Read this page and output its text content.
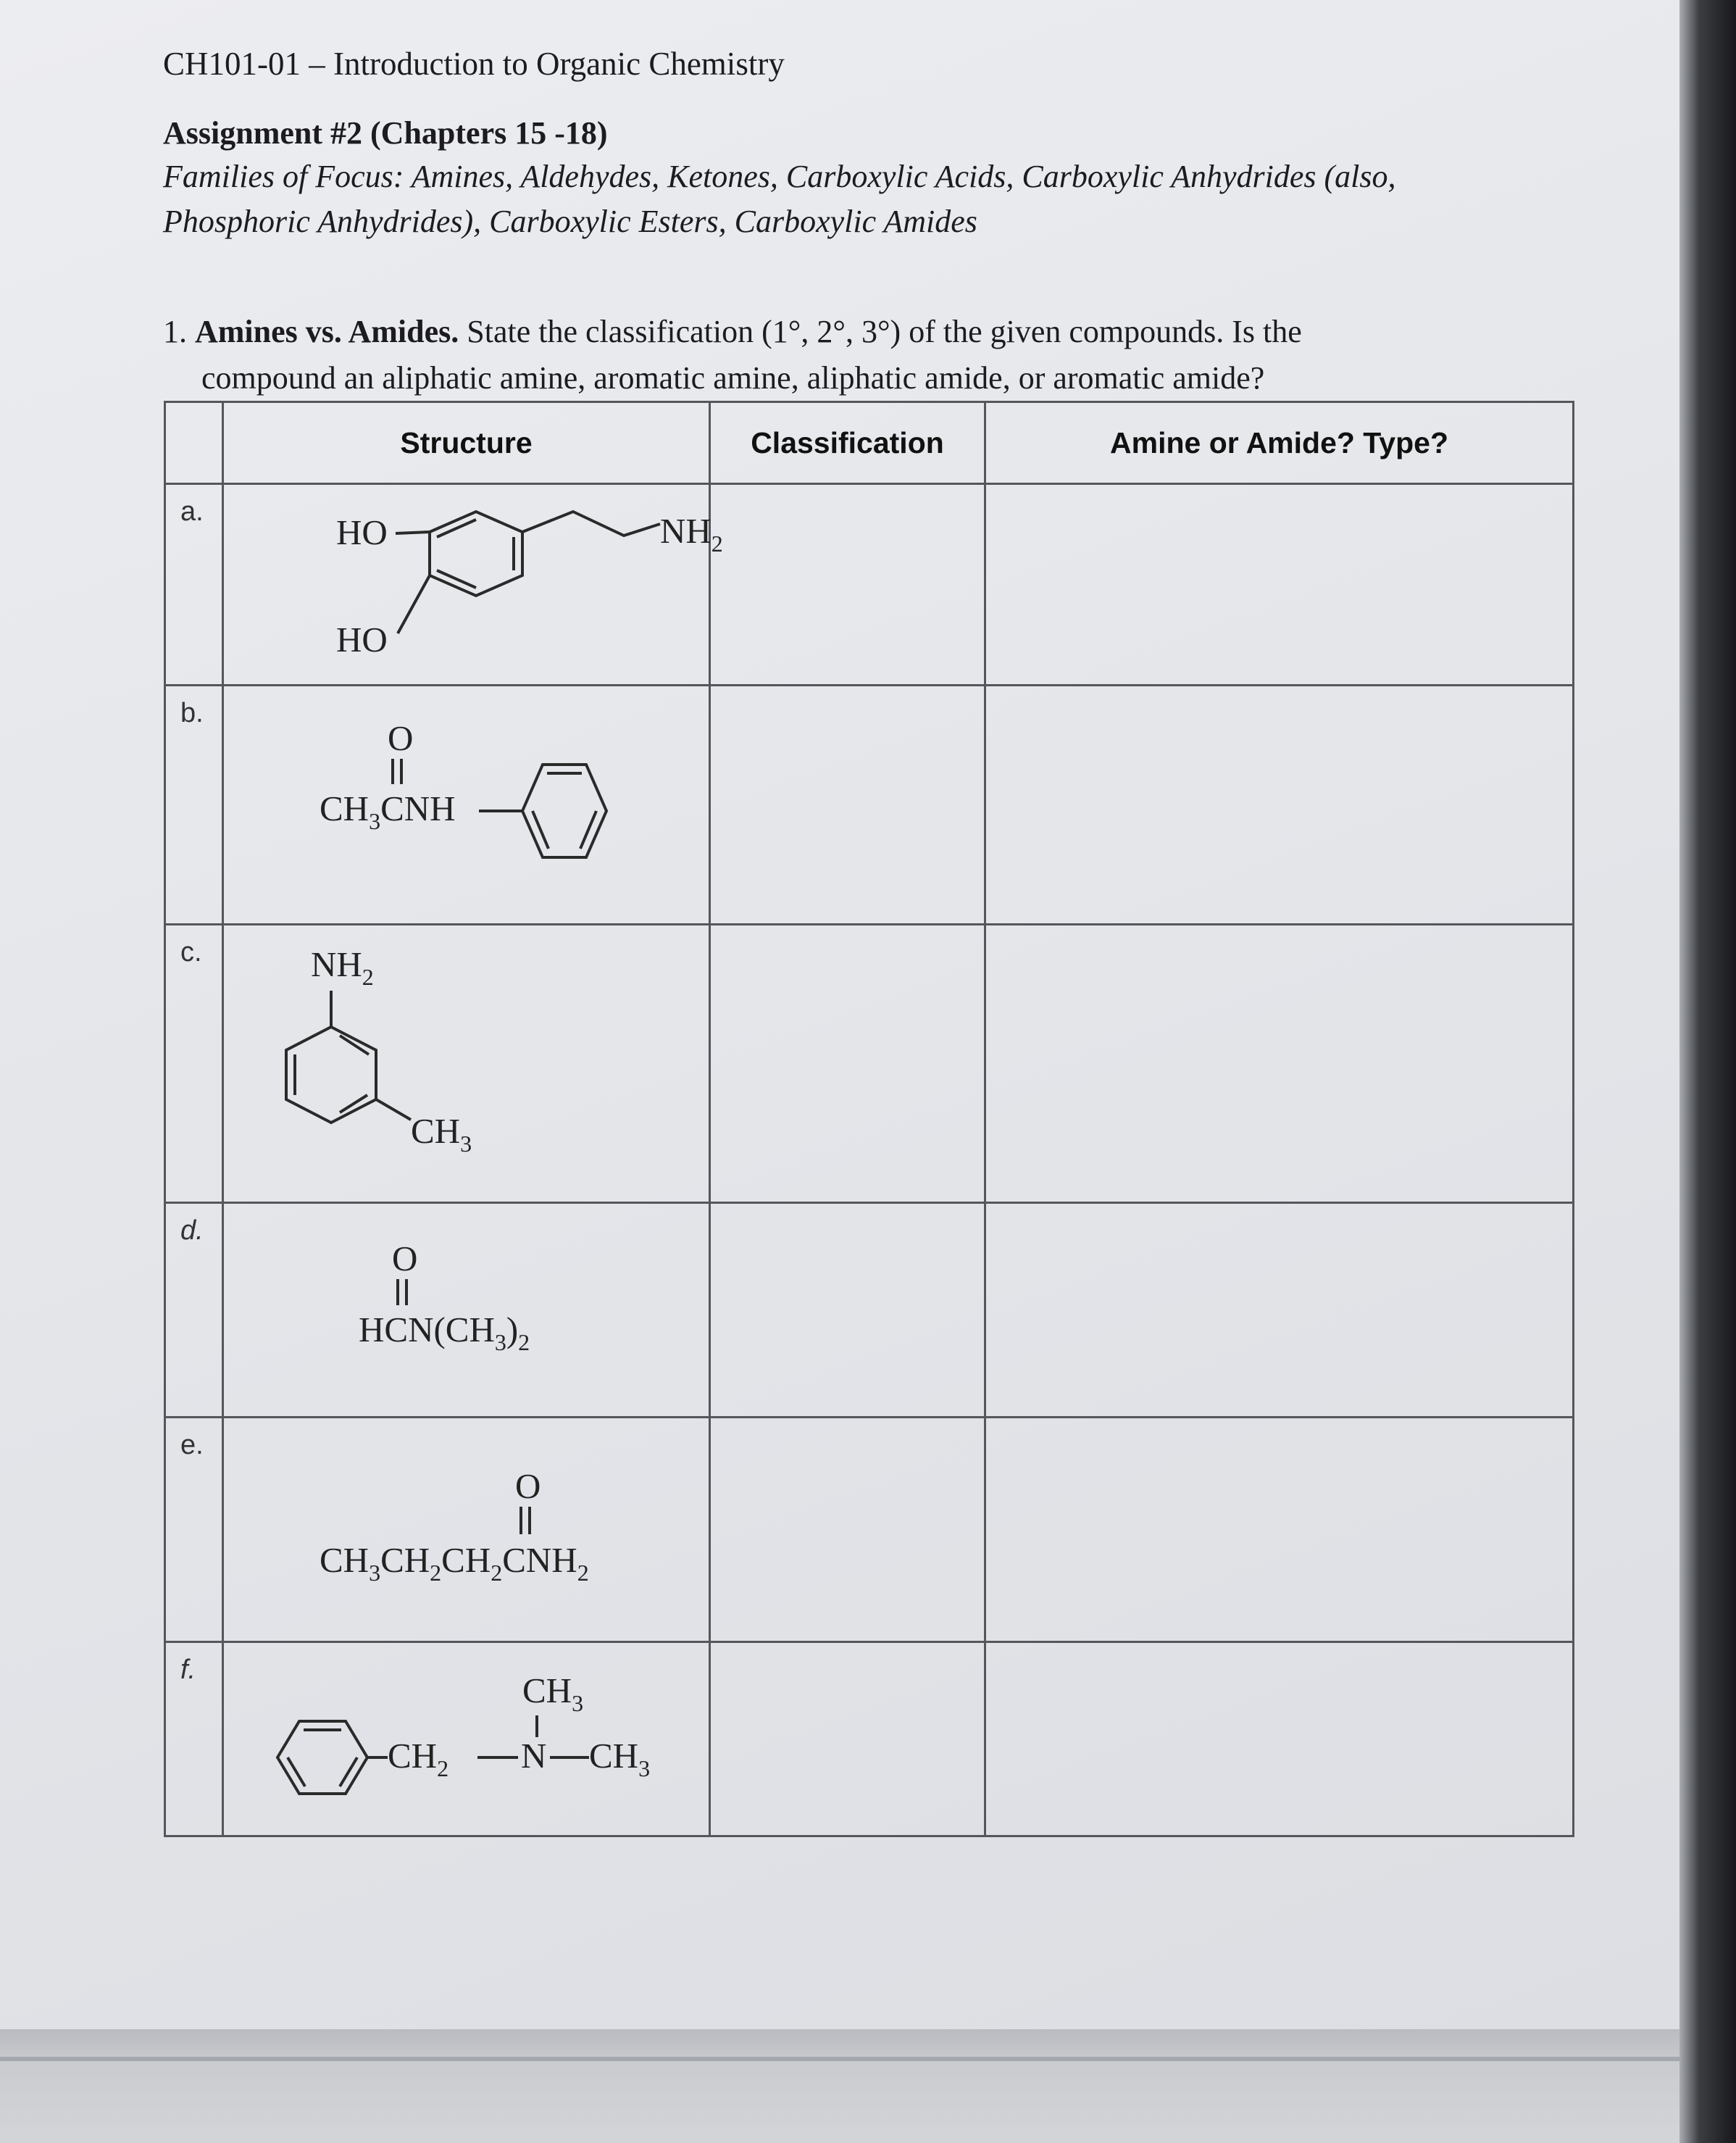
CH101-01 – Introduction to Organic Chemistry
Assignment #2 (Chapters 15 -18)
Families of Focus: Amines, Aldehydes, Ketones, Carboxylic Acids, Carboxylic Anhydrides (also,
Phosphoric Anhydrides), Carboxylic Esters, Carboxylic Amides
1. Amines vs. Amides. State the classification (1°, 2°, 3°) of the given compounds. Is the
compound an aliphatic amine, aromatic amine, aliphatic amide, or aromatic amide?
	Structure	Classification	Amine or Amide? Type?

a.	HO
HO
$NH_2$

b.	O
$CH_3CNH$		

c.	$NH_2$
$CH_3$

d.	O
$HCN(CH_3)_2$

e.	O
$CH_3CH_2CH_2CNH_2$

f.	$CH_3$
$CH_2$ N $CH_3$
